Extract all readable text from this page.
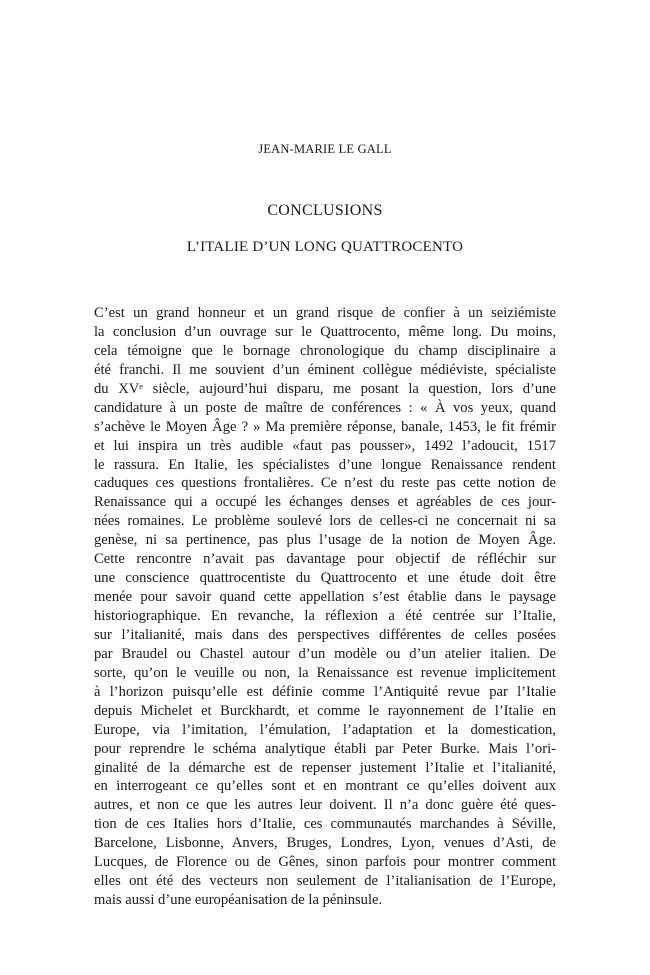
JEAN-MARIE LE GALL
CONCLUSIONS
L’ITALIE D’UN LONG QUATTROCENTO
C’est un grand honneur et un grand risque de confier à un seiziémiste
la conclusion d’un ouvrage sur le Quattrocento, même long. Du moins,
cela témoigne que le bornage chronologique du champ disciplinaire a
été franchi. Il me souvient d’un éminent collègue médiéviste, spécialiste
du XVᵉ siècle, aujourd’hui disparu, me posant la question, lors d’une
candidature à un poste de maître de conférences : « À vos yeux, quand
s’achève le Moyen Âge ? » Ma première réponse, banale, 1453, le fit frémir
et lui inspira un très audible «faut pas pousser», 1492 l’adoucit, 1517
le rassura. En Italie, les spécialistes d’une longue Renaissance rendent
caduques ces questions frontalières. Ce n’est du reste pas cette notion de
Renaissance qui a occupé les échanges denses et agréables de ces jour-
nées romaines. Le problème soulevé lors de celles-ci ne concernait ni sa
genèse, ni sa pertinence, pas plus l’usage de la notion de Moyen Âge.
Cette rencontre n’avait pas davantage pour objectif de réfléchir sur
une conscience quattrocentiste du Quattrocento et une étude doit être
menée pour savoir quand cette appellation s’est établie dans le paysage
historiographique. En revanche, la réflexion a été centrée sur l’Italie,
sur l’italianité, mais dans des perspectives différentes de celles posées
par Braudel ou Chastel autour d’un modèle ou d’un atelier italien. De
sorte, qu’on le veuille ou non, la Renaissance est revenue implicitement
à l’horizon puisqu’elle est définie comme l’Antiquité revue par l’Italie
depuis Michelet et Burckhardt, et comme le rayonnement de l’Italie en
Europe, via l’imitation, l’émulation, l’adaptation et la domestication,
pour reprendre le schéma analytique établi par Peter Burke. Mais l’ori-
ginalité de la démarche est de repenser justement l’Italie et l’italianité,
en interrogeant ce qu’elles sont et en montrant ce qu’elles doivent aux
autres, et non ce que les autres leur doivent. Il n’a donc guère été ques-
tion de ces Italies hors d’Italie, ces communautés marchandes à Séville,
Barcelone, Lisbonne, Anvers, Bruges, Londres, Lyon, venues d’Asti, de
Lucques, de Florence ou de Gênes, sinon parfois pour montrer comment
elles ont été des vecteurs non seulement de l’italianisation de l’Europe,
mais aussi d’une européanisation de la péninsule.
